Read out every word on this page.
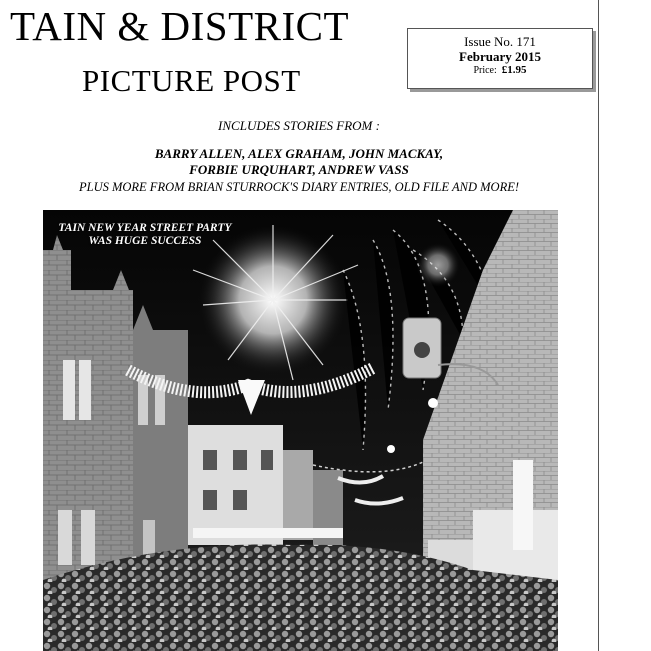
TAIN & DISTRICT
PICTURE POST
Issue No. 171
February 2015
Price: £1.95
INCLUDES STORIES FROM :
BARRY ALLEN, ALEX GRAHAM, JOHN MACKAY,
FORBIE URQUHART, ANDREW VASS
PLUS MORE FROM BRIAN STURROCK'S DIARY ENTRIES, OLD FILE AND MORE!
TAIN NEW YEAR STREET PARTY
WAS HUGE SUCCESS
